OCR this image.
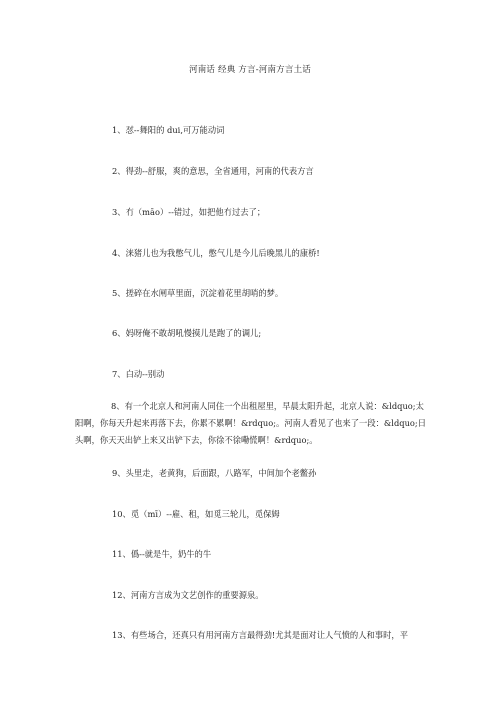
河南话 经典 方言-河南方言土话
1、怼--舞阳的 dui,可万能动词
2、得劲--舒服，爽的意思，全省通用，河南的代表方言
3、冇（māo）--错过，如把他冇过去了；
4、涞猪儿也为我憋气儿，憋气儿是今儿后晚黑儿的康桥!
5、搓碎在水闸草里面，沉淀着花里胡哨的梦。
6、妈呀俺不敢胡吼慢摸儿是跑了的调儿;
7、白动--别动
8、有一个北京人和河南人同住一个出租屋里，早晨太阳升起，北京人说：&ldquo;太阳啊，你每天升起来再落下去，你累不累啊！&rdquo;。河南人看见了也来了一段：&ldquo;日头啊，你天天出铲上来又出铲下去，你徐不徐嘞慌啊！&rdquo;。
9、头里走，老黄狗，后面跟，八路军，中间加个老鳖孙
10、觅（mī）--雇、租，如觅三轮儿，觅保姆
11、僞--就是牛，奶牛的牛
12、河南方言成为文艺创作的重要源泉。
13、有些场合，还真只有用河南方言最得劲!尤其是面对让人气愤的人和事时，平
